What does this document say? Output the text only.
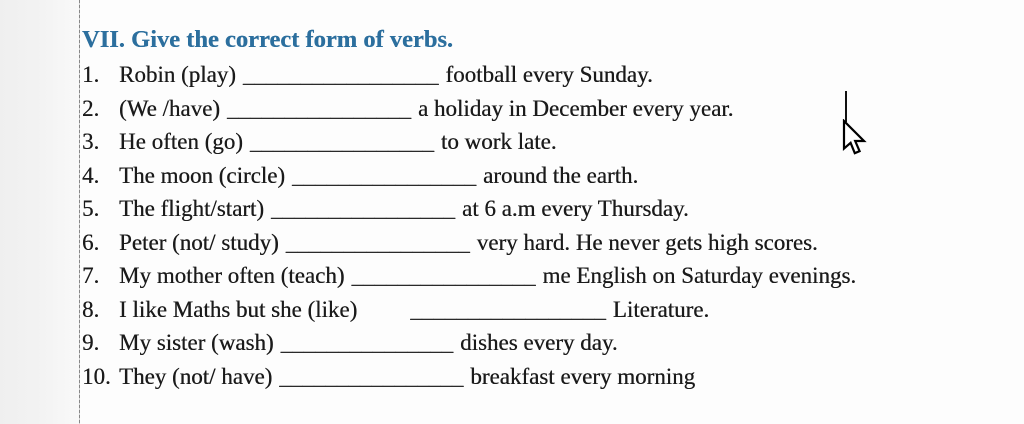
VII. Give the correct form of verbs.
1. Robin (play) _________________ football every Sunday.
2. (We /have) ________________ a holiday in December every year.
3. He often (go) ________________ to work late.
4. The moon (circle) ________________ around the earth.
5. The flight/start) ________________ at 6 a.m every Thursday.
6. Peter (not/ study) ________________ very hard. He never gets high scores.
7. My mother often (teach) ________________ me English on Saturday evenings.
8. I like Maths but she (like)        _________________ Literature.
9. My sister (wash) _______________ dishes every day.
10. They (not/ have) ________________ breakfast every morning
